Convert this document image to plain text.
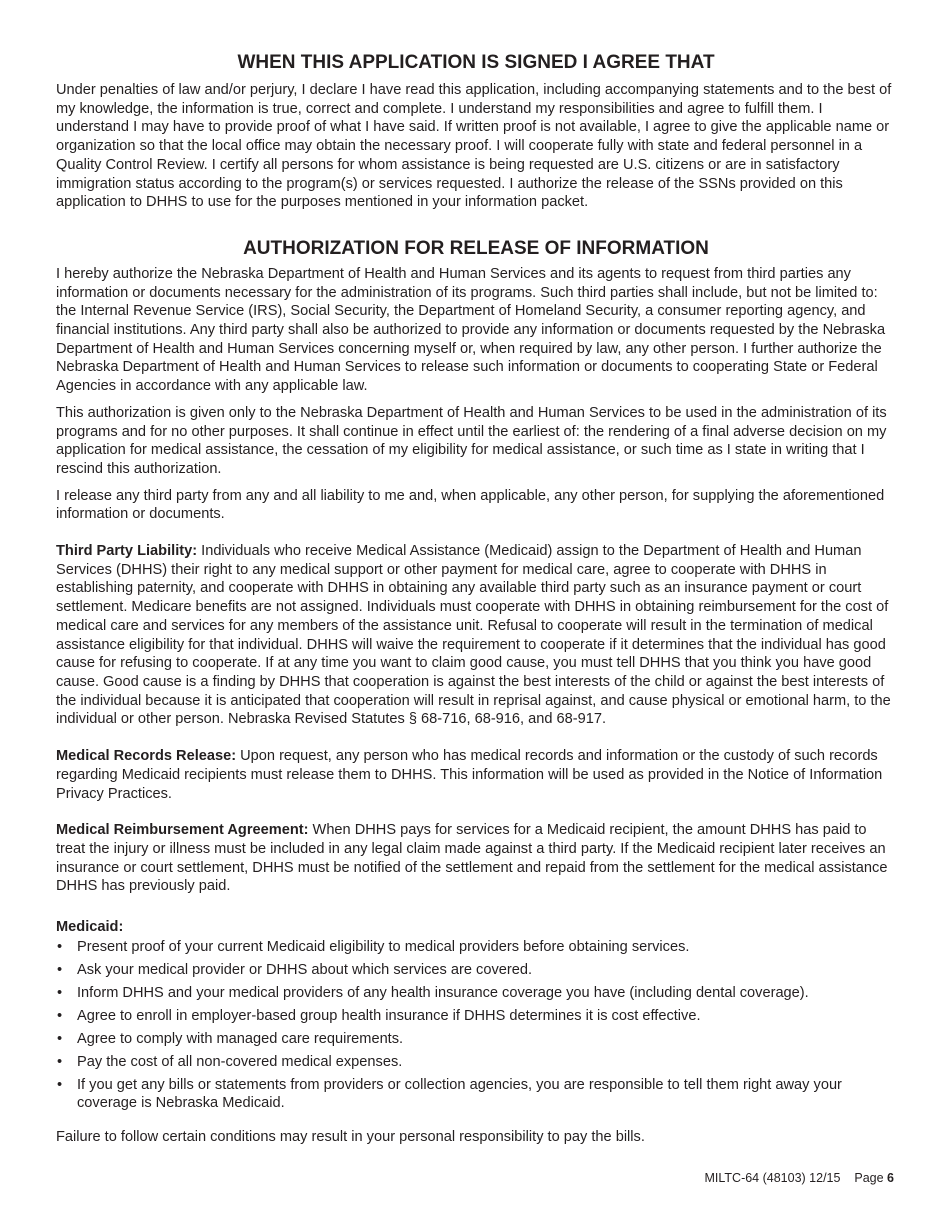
WHEN THIS APPLICATION IS SIGNED I AGREE THAT

Under penalties of law and/or perjury, I declare I have read this application, including accompanying statements and to the best of my knowledge, the information is true, correct and complete. I understand my responsibilities and agree to fulfill them. I understand I may have to provide proof of what I have said. If written proof is not available, I agree to give the applicable name or organization so that the local office may obtain the necessary proof. I will cooperate fully with state and federal personnel in a Quality Control Review. I certify all persons for whom assistance is being requested are U.S. citizens or are in satisfactory immigration status according to the program(s) or services requested. I authorize the release of the SSNs provided on this application to DHHS to use for the purposes mentioned in your information packet.

AUTHORIZATION FOR RELEASE OF INFORMATION

I hereby authorize the Nebraska Department of Health and Human Services and its agents to request from third parties any information or documents necessary for the administration of its programs. Such third parties shall include, but not be limited to: the Internal Revenue Service (IRS), Social Security, the Department of Homeland Security, a consumer reporting agency, and financial institutions. Any third party shall also be authorized to provide any information or documents requested by the Nebraska Department of Health and Human Services concerning myself or, when required by law, any other person. I further authorize the Nebraska Department of Health and Human Services to release such information or documents to cooperating State or Federal Agencies in accordance with any applicable law.

This authorization is given only to the Nebraska Department of Health and Human Services to be used in the administration of its programs and for no other purposes. It shall continue in effect until the earliest of: the rendering of a final adverse decision on my application for medical assistance, the cessation of my eligibility for medical assistance, or such time as I state in writing that I rescind this authorization.

I release any third party from any and all liability to me and, when applicable, any other person, for supplying the aforementioned information or documents.

Third Party Liability: Individuals who receive Medical Assistance (Medicaid) assign to the Department of Health and Human Services (DHHS) their right to any medical support or other payment for medical care, agree to cooperate with DHHS in establishing paternity, and cooperate with DHHS in obtaining any available third party such as an insurance payment or court settlement. Medicare benefits are not assigned. Individuals must cooperate with DHHS in obtaining reimbursement for the cost of medical care and services for any members of the assistance unit. Refusal to cooperate will result in the termination of medical assistance eligibility for that individual. DHHS will waive the requirement to cooperate if it determines that the individual has good cause for refusing to cooperate. If at any time you want to claim good cause, you must tell DHHS that you think you have good cause. Good cause is a finding by DHHS that cooperation is against the best interests of the child or against the best interests of the individual because it is anticipated that cooperation will result in reprisal against, and cause physical or emotional harm, to the individual or other person. Nebraska Revised Statutes § 68-716, 68-916, and 68-917.

Medical Records Release: Upon request, any person who has medical records and information or the custody of such records regarding Medicaid recipients must release them to DHHS. This information will be used as provided in the Notice of Information Privacy Practices.

Medical Reimbursement Agreement: When DHHS pays for services for a Medicaid recipient, the amount DHHS has paid to treat the injury or illness must be included in any legal claim made against a third party. If the Medicaid recipient later receives an insurance or court settlement, DHHS must be notified of the settlement and repaid from the settlement for the medical assistance DHHS has previously paid.

Medicaid:

• Present proof of your current Medicaid eligibility to medical providers before obtaining services.
• Ask your medical provider or DHHS about which services are covered.
• Inform DHHS and your medical providers of any health insurance coverage you have (including dental coverage).
• Agree to enroll in employer-based group health insurance if DHHS determines it is cost effective.
• Agree to comply with managed care requirements.
• Pay the cost of all non-covered medical expenses.
• If you get any bills or statements from providers or collection agencies, you are responsible to tell them right away your coverage is Nebraska Medicaid.

Failure to follow certain conditions may result in your personal responsibility to pay the bills.

MILTC-64 (48103) 12/15 Page 6
